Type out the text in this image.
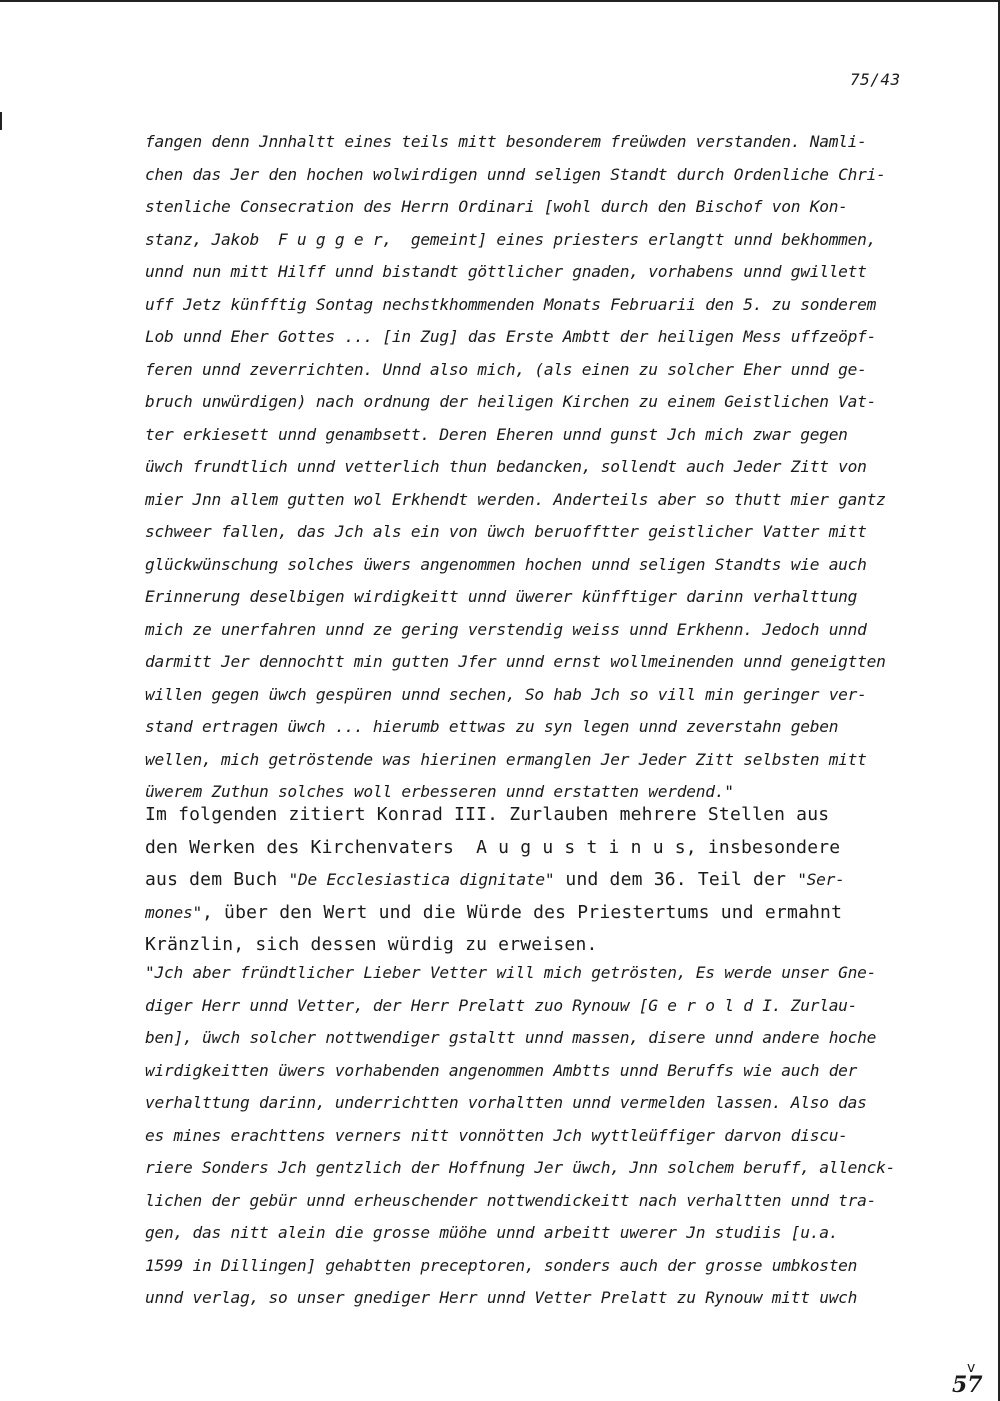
75/43
fangen denn Jnnhaltt eines teils mitt besonderem freüwden verstanden. Namli-
chen das Jer den hochen wolwirdigen unnd seligen Standt durch Ordenliche Chri-
stenliche Consecration des Herrn Ordinari [wohl durch den Bischof von Kon-
stanz, Jakob  F u g g e r,  gemeint] eines priesters erlangtt unnd bekhommen,
unnd nun mitt Hilff unnd bistandt göttlicher gnaden, vorhabens unnd gwillett
uff Jetz künfftig Sontag nechstkhommenden Monats Februarii den 5. zu sonderem
Lob unnd Eher Gottes ... [in Zug] das Erste Ambtt der heiligen Mess uffzeöpf-
feren unnd zeverrichten. Unnd also mich, (als einen zu solcher Eher unnd ge-
bruch unwürdigen) nach ordnung der heiligen Kirchen zu einem Geistlichen Vat-
ter erkiesett unnd genambsett. Deren Eheren unnd gunst Jch mich zwar gegen
üwch frundtlich unnd vetterlich thun bedancken, sollendt auch Jeder Zitt von
mier Jnn allem gutten wol Erkhendt werden. Anderteils aber so thutt mier gantz
schweer fallen, das Jch als ein von üwch beruofftter geistlicher Vatter mitt
glückwünschung solches üwers angenommen hochen unnd seligen Standts wie auch
Erinnerung deselbigen wirdigkeitt unnd üwerer künfftiger darinn verhalttung
mich ze unerfahren unnd ze gering verstendig weiss unnd Erkhenn. Jedoch unnd
darmitt Jer dennochtt min gutten Jfer unnd ernst wollmeinenden unnd geneigtten
willen gegen üwch gespüren unnd sechen, So hab Jch so vill min geringer ver-
stand ertragen üwch ... hierumb ettwas zu syn legen unnd zeverstahn geben
wellen, mich getröstende was hierinen ermanglen Jer Jeder Zitt selbsten mitt
üwerem Zuthun solches woll erbesseren unnd erstatten werdend."
Im folgenden zitiert Konrad III. Zurlauben mehrere Stellen aus
den Werken des Kirchenvaters  A u g u s t i n u s, insbesondere
aus dem Buch "De Ecclesiastica dignitate" und dem 36. Teil der "Ser-
mones", über den Wert und die Würde des Priestertums und ermahnt
Kränzlin, sich dessen würdig zu erweisen.
"Jch aber fründtlicher Lieber Vetter will mich getrösten, Es werde unser Gne-
diger Herr unnd Vetter, der Herr Prelatt zuo Rynouw [G e r o l d I. Zurlau-
ben], üwch solcher nottwendiger gstaltt unnd massen, disere unnd andere hoche
wirdigkeitten üwers vorhabenden angenommen Ambtts unnd Beruffs wie auch der
verhalttung darinn, underrichtten vorhaltten unnd vermelden lassen. Also das
es mines erachttens verners nitt vonnötten Jch wyttleüffiger darvon discu-
riere Sonders Jch gentzlich der Hoffnung Jer üwch, Jnn solchem beruff, allenck-
lichen der gebür unnd erheuschender nottwendickeitt nach verhaltten unnd tra-
gen, das nitt alein die grosse müöhe unnd arbeitt uwerer Jn studiis [u.a.
1599 in Dillingen] gehabtten preceptoren, sonders auch der grosse umbkosten
unnd verlag, so unser gnediger Herr unnd Vetter Prelatt zu Rynouw mitt uwch
v
57
